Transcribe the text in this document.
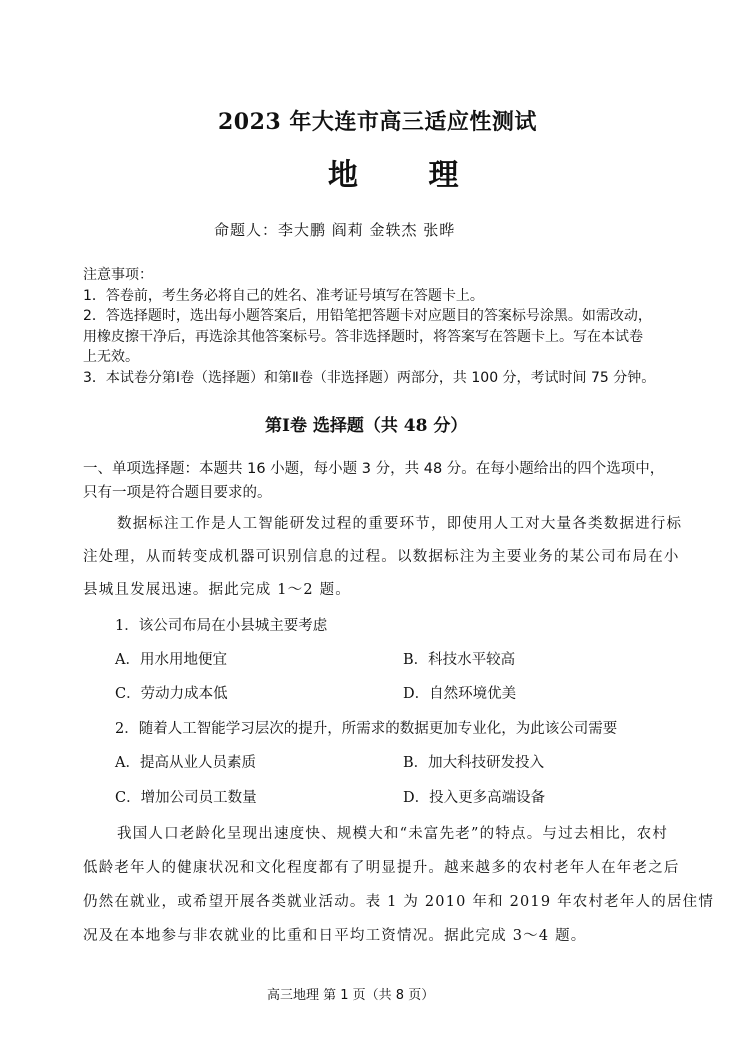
2023 年大连市高三适应性测试
地 理
命题人：李大鹏 阎莉 金轶杰 张晔
注意事项：
1．答卷前，考生务必将自己的姓名、准考证号填写在答题卡上。
2．答选择题时，选出每小题答案后，用铅笔把答题卡对应题目的答案标号涂黑。如需改动，
用橡皮擦干净后，再选涂其他答案标号。答非选择题时，将答案写在答题卡上。写在本试卷
上无效。
3．本试卷分第Ⅰ卷（选择题）和第Ⅱ卷（非选择题）两部分，共 100 分，考试时间 75 分钟。
第Ⅰ卷 选择题（共 48 分）
一、单项选择题：本题共 16 小题，每小题 3 分，共 48 分。在每小题给出的四个选项中，
只有一项是符合题目要求的。
数据标注工作是人工智能研发过程的重要环节，即使用人工对大量各类数据进行标
注处理，从而转变成机器可识别信息的过程。以数据标注为主要业务的某公司布局在小
县城且发展迅速。据此完成 1～2 题。
1．该公司布局在小县城主要考虑
A．用水用地便宜	B．科技水平较高
C．劳动力成本低	D．自然环境优美
2．随着人工智能学习层次的提升，所需求的数据更加专业化，为此该公司需要
A．提高从业人员素质	B．加大科技研发投入
C．增加公司员工数量	D．投入更多高端设备
我国人口老龄化呈现出速度快、规模大和“未富先老”的特点。与过去相比，农村
低龄老年人的健康状况和文化程度都有了明显提升。越来越多的农村老年人在年老之后
仍然在就业，或希望开展各类就业活动。表 1 为 2010 年和 2019 年农村老年人的居住情
况及在本地参与非农就业的比重和日平均工资情况。据此完成 3～4 题。
高三地理 第 1 页（共 8 页）
